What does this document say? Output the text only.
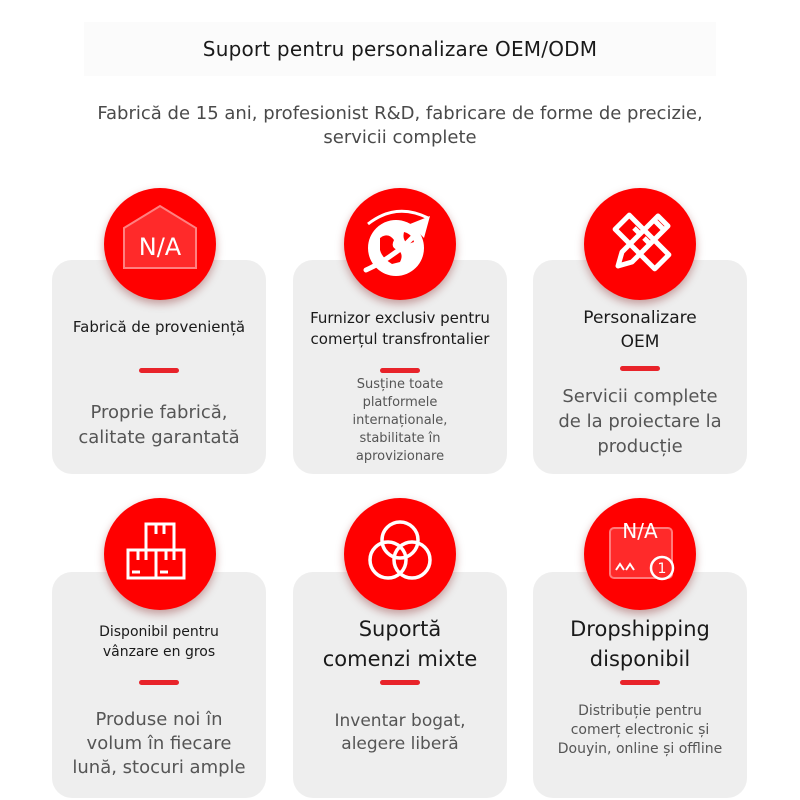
Suport pentru personalizare OEM/ODM
Fabrică de 15 ani, profesionist R&D, fabricare de forme de precizie,
servicii complete
Fabrică de proveniență
Proprie fabrică,
calitate garantată
N/A
Furnizor exclusiv pentru
comerțul transfrontalier
Susține toate
platformele
internaționale,
stabilitate în
aprovizionare
Personalizare
OEM
Servicii complete
de la proiectare la
producție
Disponibil pentru
vânzare en gros
Produse noi în
volum în fiecare
lună, stocuri ample
Suportă
comenzi mixte
Inventar bogat,
alegere liberă
Dropshipping
disponibil
Distribuție pentru
comerț electronic și
Douyin, online și offline
N/A
1
